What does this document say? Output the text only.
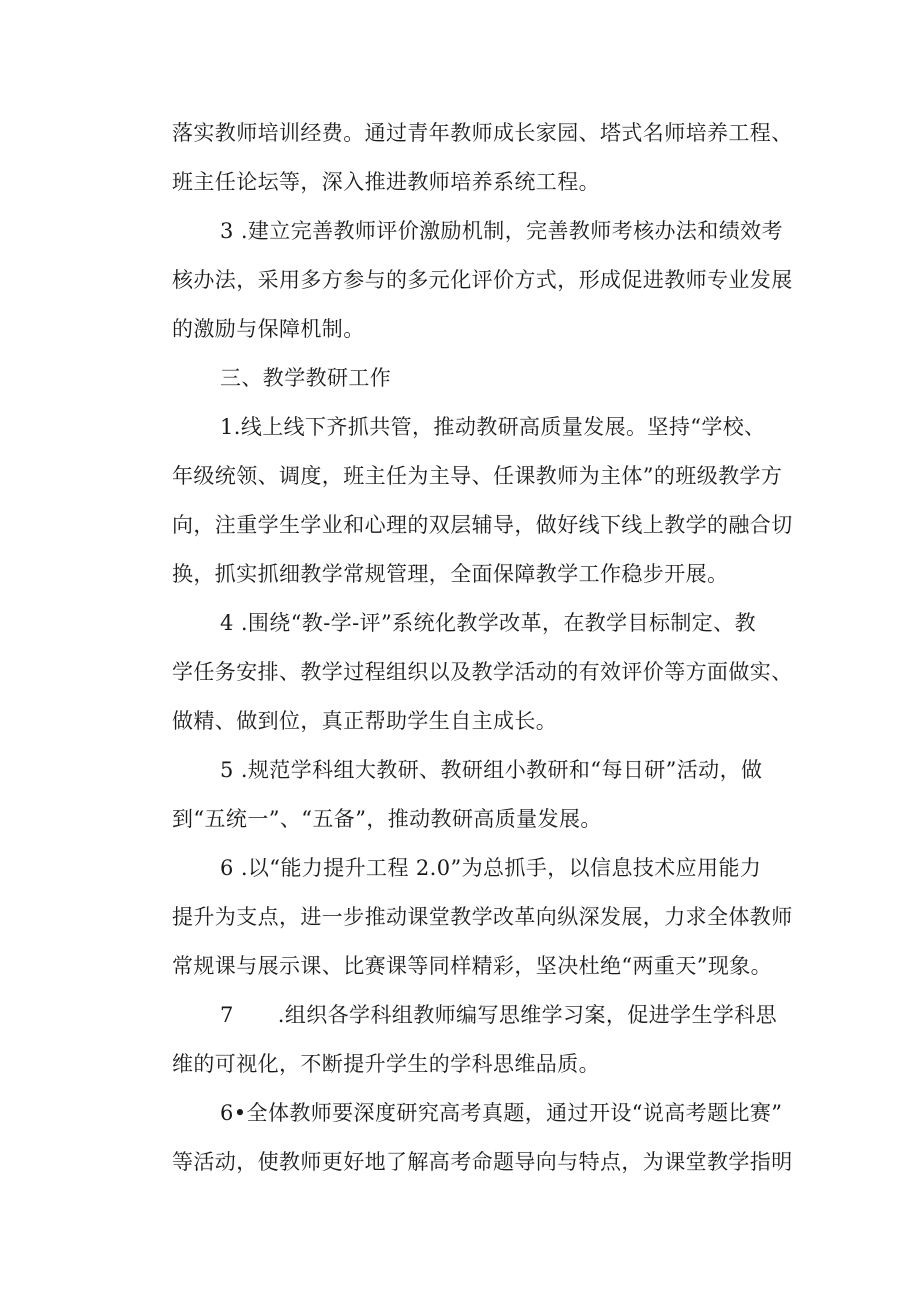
落实教师培训经费。通过青年教师成长家园、塔式名师培养工程、
班主任论坛等，深入推进教师培养系统工程。
3 .建立完善教师评价激励机制，完善教师考核办法和绩效考
核办法，采用多方参与的多元化评价方式，形成促进教师专业发展
的激励与保障机制。
三、教学教研工作
1.线上线下齐抓共管，推动教研高质量发展。坚持“学校、
年级统领、调度，班主任为主导、任课教师为主体”的班级教学方
向，注重学生学业和心理的双层辅导，做好线下线上教学的融合切
换，抓实抓细教学常规管理，全面保障教学工作稳步开展。
4 .围绕“教-学-评”系统化教学改革，在教学目标制定、教
学任务安排、教学过程组织以及教学活动的有效评价等方面做实、
做精、做到位，真正帮助学生自主成长。
5 .规范学科组大教研、教研组小教研和“每日研”活动，做
到“五统一”、“五备”，推动教研高质量发展。
6 .以“能力提升工程 2.0”为总抓手，以信息技术应用能力
提升为支点，进一步推动课堂教学改革向纵深发展，力求全体教师
常规课与展示课、比赛课等同样精彩，坚决杜绝“两重天”现象。
7 .组织各学科组教师编写思维学习案，促进学生学科思
维的可视化，不断提升学生的学科思维品质。
6•全体教师要深度研究高考真题，通过开设“说高考题比赛”
等活动，使教师更好地了解高考命题导向与特点，为课堂教学指明
